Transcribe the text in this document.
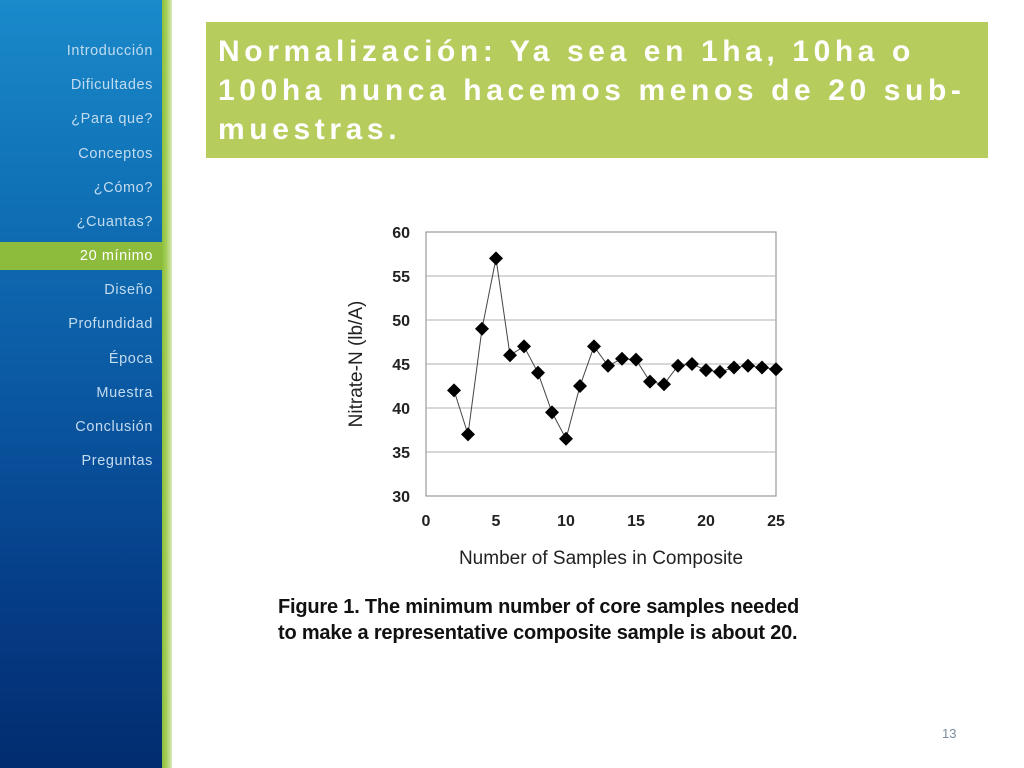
Introducción
Dificultades
¿Para que?
Conceptos
¿Cómo?
¿Cuantas?
20 mínimo
Diseño
Profundidad
Época
Muestra
Conclusión
Preguntas

Normalización: Ya sea en 1ha, 10ha o 100ha nunca hacemos menos de 20 sub-muestras.

30
35
40
45
50
55
60
0	5	10	15	20	25
Number of Samples in Composite
Nitrate-N (lb/A)
Figure 1. The minimum number of core samples needed
to make a representative composite sample is about 20.
13
